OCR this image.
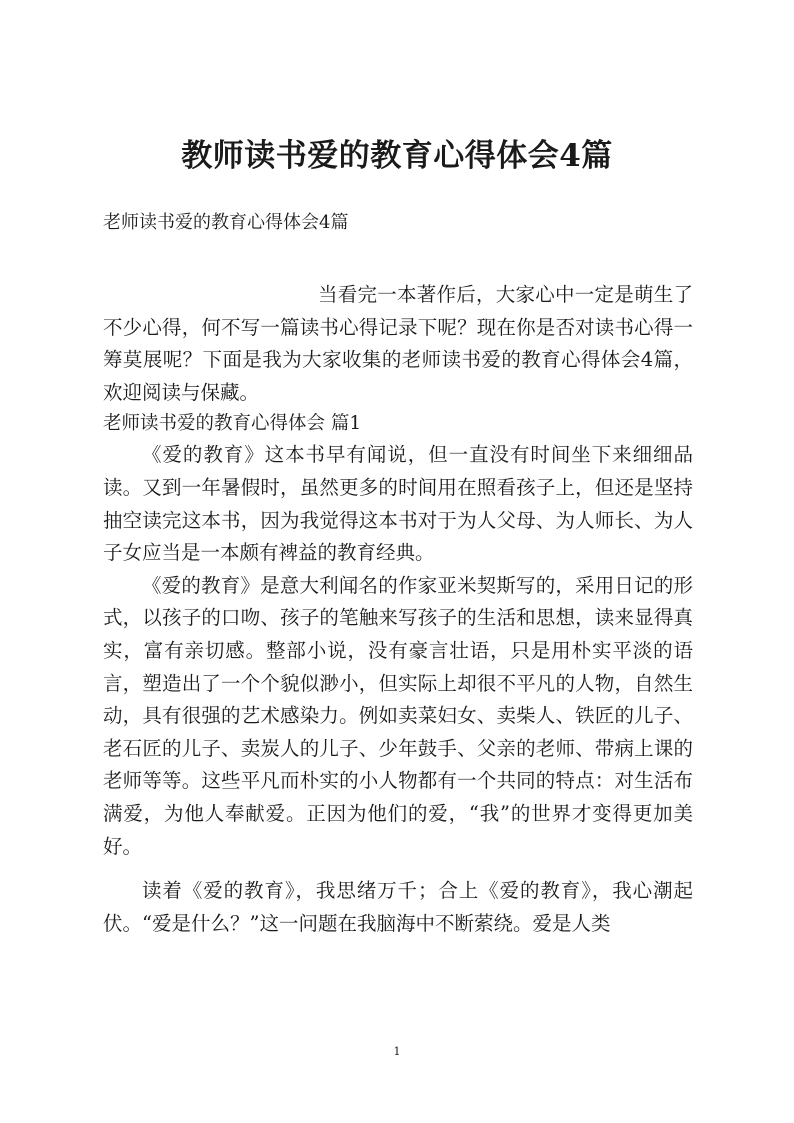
教师读书爱的教育心得体会4篇
老师读书爱的教育心得体会4篇

当看完一本著作后，大家心中一定是萌生了不少心得，何不写一篇读书心得记录下呢？现在你是否对读书心得一筹莫展呢？下面是我为大家收集的老师读书爱的教育心得体会4篇，欢迎阅读与保藏。

老师读书爱的教育心得体会 篇1

《爱的教育》这本书早有闻说，但一直没有时间坐下来细细品读。又到一年暑假时，虽然更多的时间用在照看孩子上，但还是坚持抽空读完这本书，因为我觉得这本书对于为人父母、为人师长、为人子女应当是一本颇有裨益的教育经典。

《爱的教育》是意大利闻名的作家亚米契斯写的，采用日记的形式，以孩子的口吻、孩子的笔触来写孩子的生活和思想，读来显得真实，富有亲切感。整部小说，没有豪言壮语，只是用朴实平淡的语言，塑造出了一个个貌似渺小，但实际上却很不平凡的人物，自然生动，具有很强的艺术感染力。例如卖菜妇女、卖柴人、铁匠的儿子、老石匠的儿子、卖炭人的儿子、少年鼓手、父亲的老师、带病上课的老师等等。这些平凡而朴实的小人物都有一个共同的特点：对生活布满爱，为他人奉献爱。正因为他们的爱，“我”的世界才变得更加美好。

读着《爱的教育》，我思绪万千；合上《爱的教育》，我心潮起伏。“爱是什么？”这一问题在我脑海中不断萦绕。爱是人类

1
